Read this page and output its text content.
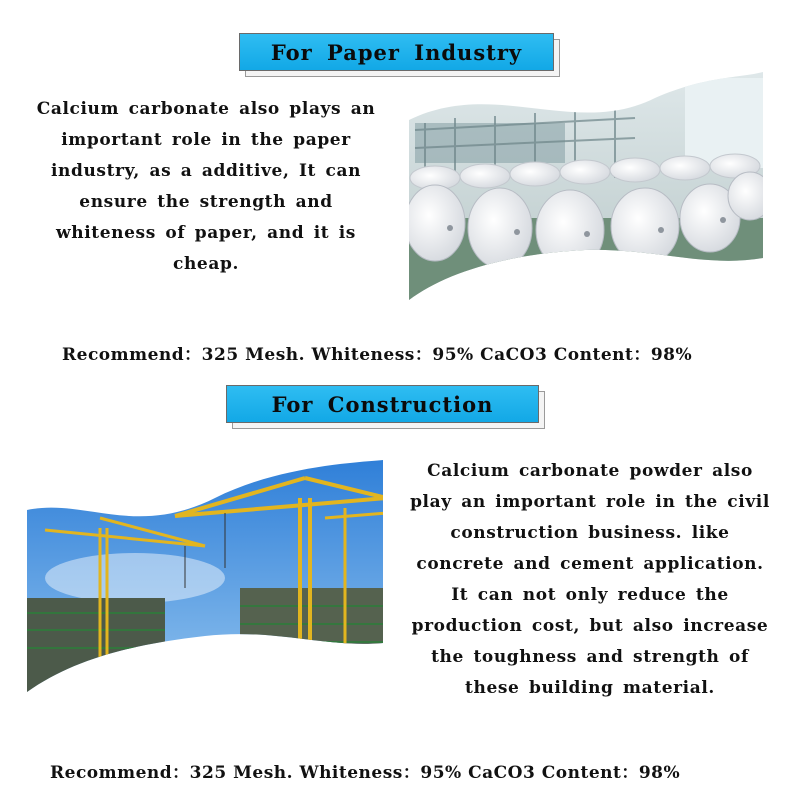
For Paper Industry
Calcium carbonate also plays an important role in the paper industry, as a additive, It can ensure the strength and whiteness of paper, and it is cheap.
Recommend：325 Mesh. Whiteness：95% CaCO3 Content：98%
For Construction
Calcium carbonate powder also play an important role in the civil construction business. like concrete and cement application. It can not only reduce the production cost, but also increase the toughness and strength of these building material.
Recommend：325 Mesh. Whiteness：95% CaCO3 Content：98%
